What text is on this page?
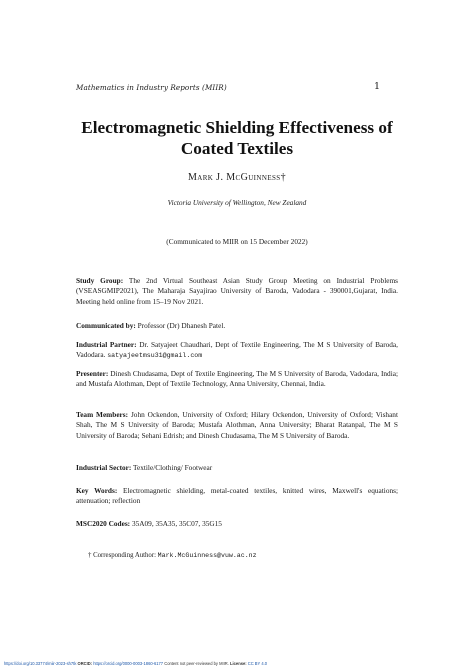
Mathematics in Industry Reports (MIIR)	1
Electromagnetic Shielding Effectiveness of
Coated Textiles
Mark J. McGuinness†
Victoria University of Wellington, New Zealand
(Communicated to MIIR on 15 December 2022)
Study Group: The 2nd Virtual Southeast Asian Study Group Meeting on Industrial Problems (VSEASGMIP2021), The Maharaja Sayajirao University of Baroda, Vadodara - 390001,Gujarat, India. Meeting held online from 15–19 Nov 2021.
Communicated by: Professor (Dr) Dhanesh Patel.
Industrial Partner: Dr. Satyajeet Chaudhari, Dept of Textile Engineering, The M S University of Baroda, Vadodara. satyajeetmsu31@gmail.com
Presenter: Dinesh Chudasama, Dept of Textile Engineering, The M S University of Baroda, Vadodara, India; and Mustafa Alothman, Dept of Textile Technology, Anna University, Chennai, India.
Team Members: John Ockendon, University of Oxford; Hilary Ockendon, University of Oxford; Vishant Shah, The M S University of Baroda; Mustafa Alothman, Anna University; Bharat Ratanpal, The M S University of Baroda; Sehani Edrish; and Dinesh Chudasama, The M S University of Baroda.
Industrial Sector: Textile/Clothing/ Footwear
Key Words: Electromagnetic shielding, metal-coated textiles, knitted wires, Maxwell's equations; attenuation; reflection
MSC2020 Codes: 35A09, 35A35, 35C07, 35G15
† Corresponding Author: Mark.McGuinness@vuw.ac.nz
https://doi.org/10.33774/miir-2023-sh7tk ORCID: https://orcid.org/0000-0003-1860-6177 Content not peer-reviewed by MIIR. License: CC BY 4.0
